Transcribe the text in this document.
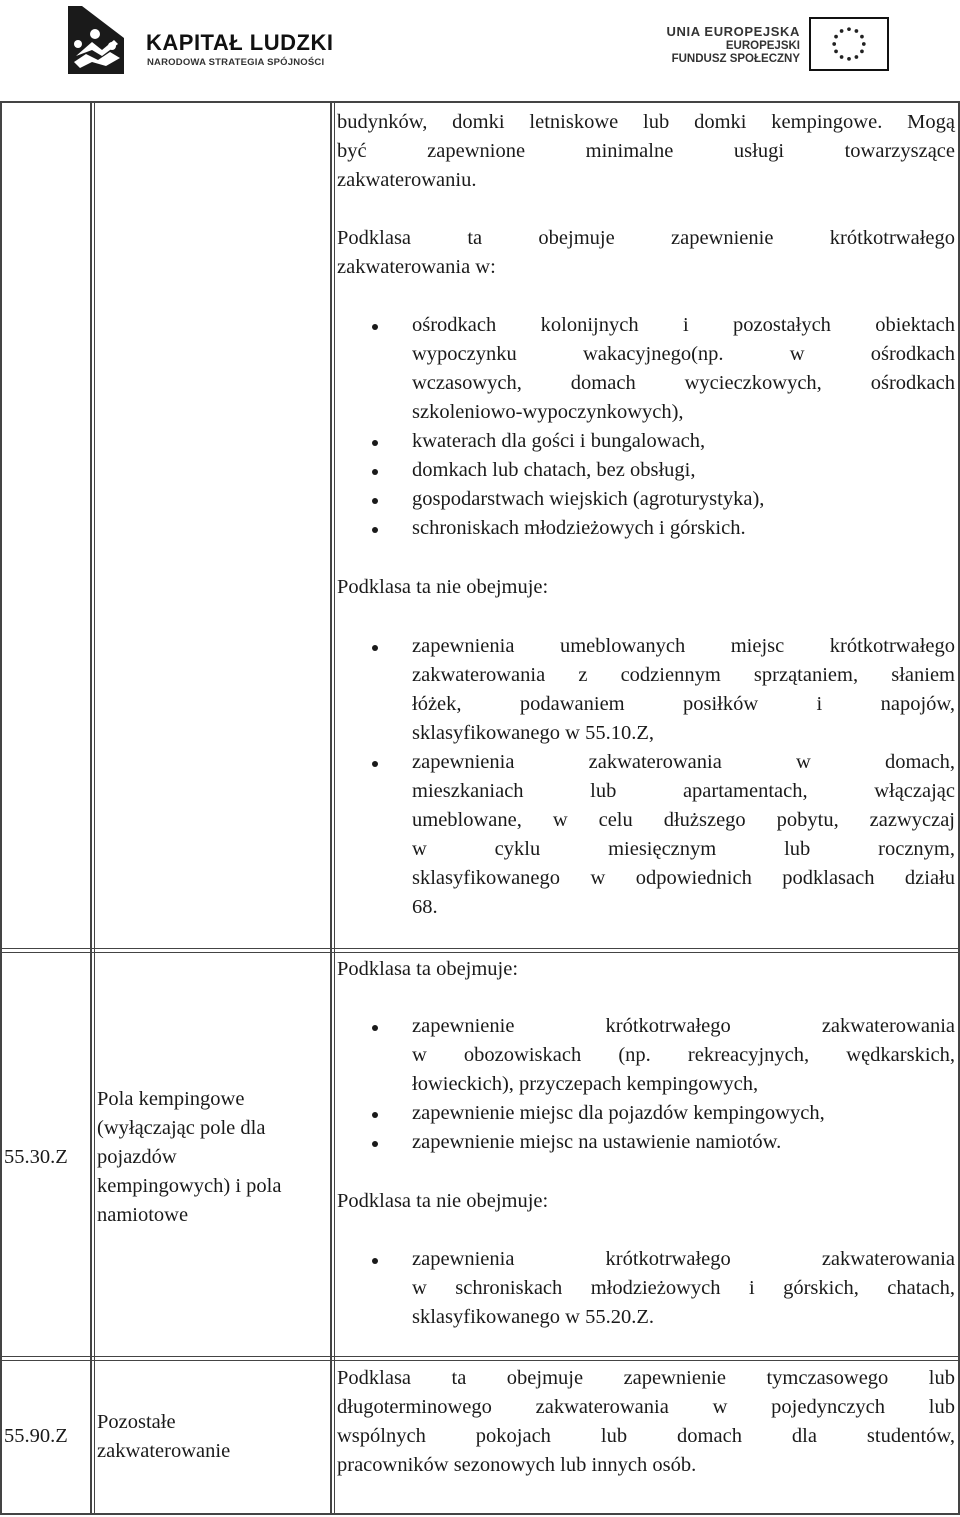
KAPITAŁ LUDZKI
NARODOWA STRATEGIA SPÓJNOŚCI
UNIA EUROPEJSKA
EUROPEJSKI
FUNDUSZ SPOŁECZNY
budynków, domki letniskowe lub domki kempingowe. Mogą
być zapewnione minimalne usługi towarzyszące
zakwaterowaniu.
Podklasa ta obejmuje zapewnienie krótkotrwałego
zakwaterowania w:
ośrodkach kolonijnych i pozostałych obiektach
wypoczynku wakacyjnego(np. w ośrodkach
wczasowych, domach wycieczkowych, ośrodkach
szkoleniowo-wypoczynkowych),
kwaterach dla gości i bungalowach,
domkach lub chatach, bez obsługi,
gospodarstwach wiejskich (agroturystyka),
schroniskach młodzieżowych i górskich.
Podklasa ta nie obejmuje:
zapewnienia umeblowanych miejsc krótkotrwałego
zakwaterowania z codziennym sprzątaniem, słaniem
łóżek, podawaniem posiłków i napojów,
sklasyfikowanego w 55.10.Z,
zapewnienia zakwaterowania w domach,
mieszkaniach lub apartamentach, włączając
umeblowane, w celu dłuższego pobytu, zazwyczaj
w cyklu miesięcznym lub rocznym,
sklasyfikowanego w odpowiednich podklasach działu
68.
55.30.Z
Pola kempingowe
(wyłączając pole dla
pojazdów
kempingowych) i pola
namiotowe
Podklasa ta obejmuje:
zapewnienie krótkotrwałego zakwaterowania
w obozowiskach (np. rekreacyjnych, wędkarskich,
łowieckich), przyczepach kempingowych,
zapewnienie miejsc dla pojazdów kempingowych,
zapewnienie miejsc na ustawienie namiotów.
Podklasa ta nie obejmuje:
zapewnienia krótkotrwałego zakwaterowania
w schroniskach młodzieżowych i górskich, chatach,
sklasyfikowanego w 55.20.Z.
55.90.Z
Pozostałe
zakwaterowanie
Podklasa ta obejmuje zapewnienie tymczasowego lub
długoterminowego zakwaterowania w pojedynczych lub
wspólnych pokojach lub domach dla studentów,
pracowników sezonowych lub innych osób.
